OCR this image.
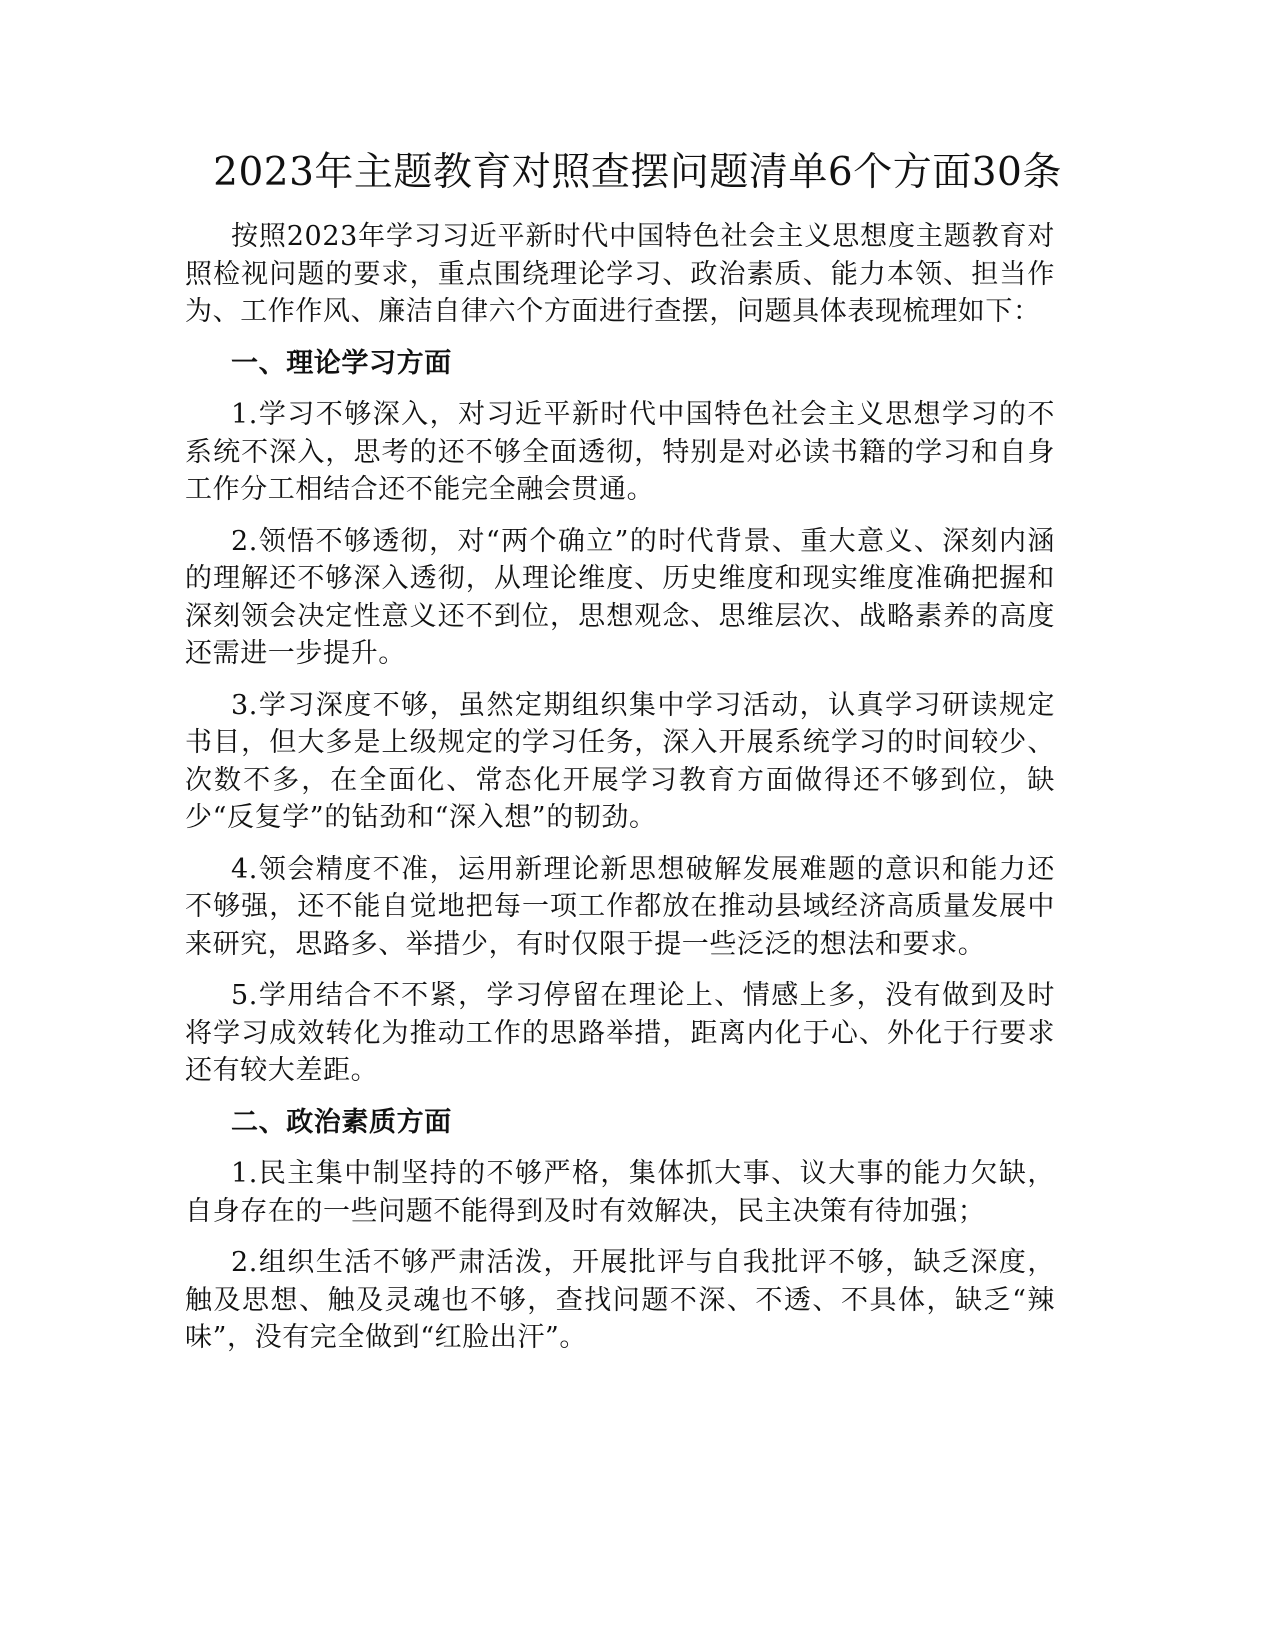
2023年主题教育对照查摆问题清单6个方面30条

按照2023年学习习近平新时代中国特色社会主义思想度主题教育对照检视问题的要求，重点围绕理论学习、政治素质、能力本领、担当作为、工作作风、廉洁自律六个方面进行查摆，问题具体表现梳理如下：

一、理论学习方面

1.学习不够深入，对习近平新时代中国特色社会主义思想学习的不系统不深入，思考的还不够全面透彻，特别是对必读书籍的学习和自身工作分工相结合还不能完全融会贯通。

2.领悟不够透彻，对“两个确立”的时代背景、重大意义、深刻内涵的理解还不够深入透彻，从理论维度、历史维度和现实维度准确把握和深刻领会决定性意义还不到位，思想观念、思维层次、战略素养的高度还需进一步提升。

3.学习深度不够，虽然定期组织集中学习活动，认真学习研读规定书目，但大多是上级规定的学习任务，深入开展系统学习的时间较少、次数不多，在全面化、常态化开展学习教育方面做得还不够到位，缺少“反复学”的钻劲和“深入想”的韧劲。

4.领会精度不准，运用新理论新思想破解发展难题的意识和能力还不够强，还不能自觉地把每一项工作都放在推动县域经济高质量发展中来研究，思路多、举措少，有时仅限于提一些泛泛的想法和要求。

5.学用结合不不紧，学习停留在理论上、情感上多，没有做到及时将学习成效转化为推动工作的思路举措，距离内化于心、外化于行要求还有较大差距。

二、政治素质方面

1.民主集中制坚持的不够严格，集体抓大事、议大事的能力欠缺，自身存在的一些问题不能得到及时有效解决，民主决策有待加强；

2.组织生活不够严肃活泼，开展批评与自我批评不够，缺乏深度，触及思想、触及灵魂也不够，查找问题不深、不透、不具体，缺乏“辣味”，没有完全做到“红脸出汗”。
